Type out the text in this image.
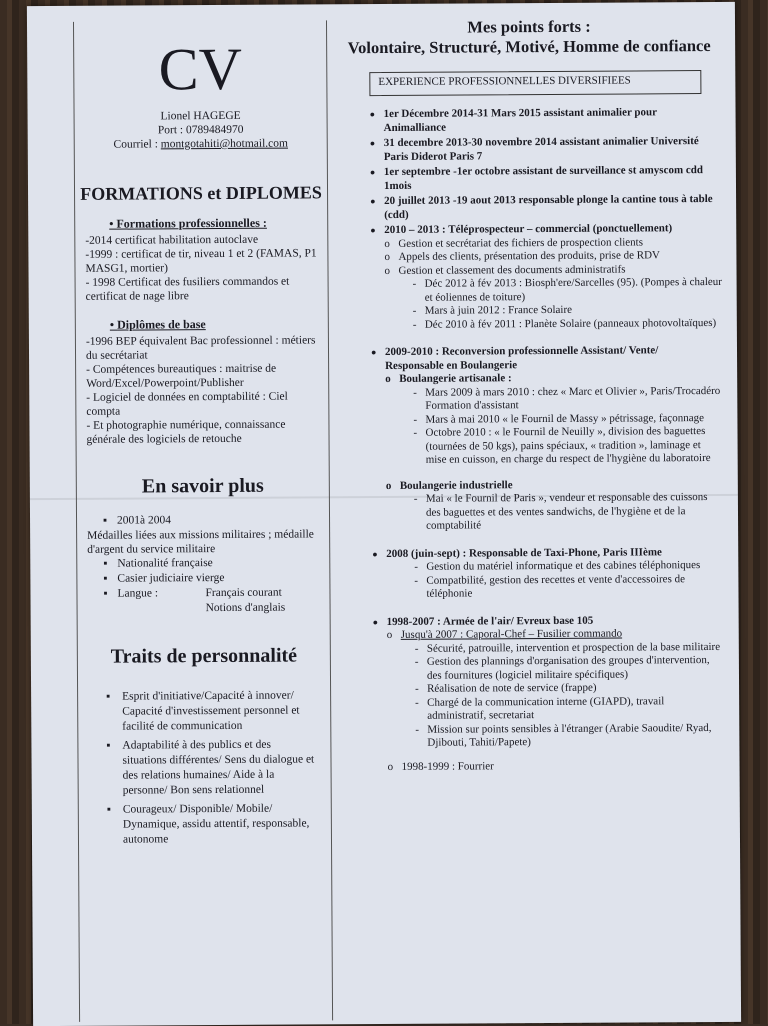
CV
Lionel HAGEGE
Port : 0789484970
Courriel : montgotahiti@hotmail.com
FORMATIONS et DIPLOMES
• Formations professionnelles :
-2014 certificat habilitation autoclave
-1999 : certificat de tir, niveau 1 et 2 (FAMAS, P1 MASG1, mortier)
- 1998 Certificat des fusiliers commandos et certificat de nage libre
• Diplômes de base
-1996 BEP équivalent Bac professionnel : métiers du secrétariat
- Compétences bureautiques : maitrise de Word/Excel/Powerpoint/Publisher
- Logiciel de données en comptabilité : Ciel compta
- Et photographie numérique, connaissance générale des logiciels de retouche
En savoir plus
▪ 2001à 2004
Médailles liées aux missions militaires ; médaille d'argent du service militaire
▪ Nationalité française
▪ Casier judiciaire vierge
▪ Langue :	Français courant
Notions d'anglais
Traits de personnalité
▪ Esprit d'initiative/Capacité à innover/ Capacité d'investissement personnel et facilité de communication
▪ Adaptabilité à des publics et des situations différentes/ Sens du dialogue et des relations humaines/ Aide à la personne/ Bon sens relationnel
▪ Courageux/ Disponible/ Mobile/ Dynamique, assidu attentif, responsable, autonome
Mes points forts :
Volontaire, Structuré, Motivé, Homme de confiance
EXPERIENCE PROFESSIONNELLES DIVERSIFIEES
● 1er Décembre 2014-31 Mars 2015 assistant animalier pour Animalliance
● 31 decembre 2013-30 novembre 2014 assistant animalier Université Paris Diderot Paris 7
● 1er septembre -1er octobre assistant de surveillance st amyscom cdd 1mois
● 20 juillet 2013 -19 aout 2013 responsable plonge la cantine tous à table (cdd)
● 2010 – 2013 : Téléprospecteur – commercial (ponctuellement)
o Gestion et secrétariat des fichiers de prospection clients
o Appels des clients, présentation des produits, prise de RDV
o Gestion et classement des documents administratifs
- Déc 2012 à fév 2013 : Biosph'ere/Sarcelles (95). (Pompes à chaleur et éoliennes de toiture)
- Mars à juin 2012 : France Solaire
- Déc 2010 à fév 2011 : Planète Solaire (panneaux photovoltaïques)
● 2009-2010 : Reconversion professionnelle Assistant/ Vente/ Responsable en Boulangerie
o Boulangerie artisanale :
- Mars 2009 à mars 2010 : chez « Marc et Olivier », Paris/Trocadéro Formation d'assistant
- Mars à mai 2010 « le Fournil de Massy » pétrissage, façonnage
- Octobre 2010 : « le Fournil de Neuilly », division des baguettes (tournées de 50 kgs), pains spéciaux, « tradition », laminage et mise en cuisson, en charge du respect de l'hygiène du laboratoire
o Boulangerie industrielle
- Mai « le Fournil de Paris », vendeur et responsable des cuissons des baguettes et des ventes sandwichs, de l'hygiène et de la comptabilité
● 2008 (juin-sept) : Responsable de Taxi-Phone, Paris IIIème
- Gestion du matériel informatique et des cabines téléphoniques
- Compatbilité, gestion des recettes et vente d'accessoires de téléphonie
● 1998-2007 : Armée de l'air/ Evreux base 105
o Jusqu'à 2007 : Caporal-Chef – Fusilier commando
- Sécurité, patrouille, intervention et prospection de la base militaire
- Gestion des plannings d'organisation des groupes d'intervention, des fournitures (logiciel militaire spécifiques)
- Réalisation de note de service (frappe)
- Chargé de la communication interne (GIAPD), travail administratif, secretariat
- Mission sur points sensibles à l'étranger (Arabie Saoudite/ Ryad, Djibouti, Tahiti/Papete)
o 1998-1999 : Fourrier
